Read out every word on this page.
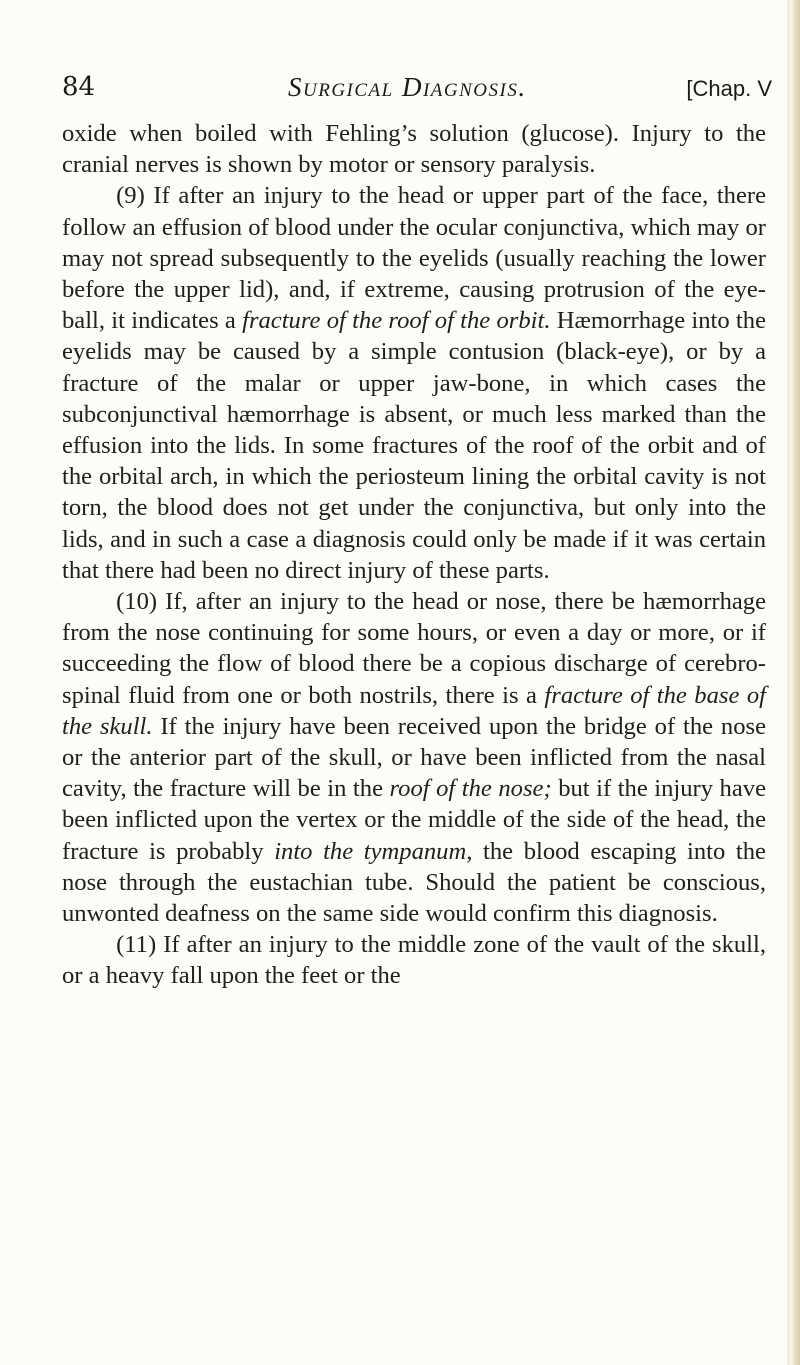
84	Surgical Diagnosis.	[Chap. V

oxide when boiled with Fehling’s solution (glucose). Injury to the cranial nerves is shown by motor or sensory paralysis.

(9) If after an injury to the head or upper part of the face, there follow an effusion of blood under the ocular conjunctiva, which may or may not spread subsequently to the eyelids (usually reaching the lower before the upper lid), and, if extreme, causing protrusion of the eye-ball, it indicates a fracture of the roof of the orbit. Hæmorrhage into the eyelids may be caused by a simple contusion (black-eye), or by a fracture of the malar or upper jaw-bone, in which cases the subconjunctival hæmorrhage is absent, or much less marked than the effusion into the lids. In some fractures of the roof of the orbit and of the orbital arch, in which the periosteum lining the orbital cavity is not torn, the blood does not get under the conjunctiva, but only into the lids, and in such a case a diagnosis could only be made if it was certain that there had been no direct injury of these parts.

(10) If, after an injury to the head or nose, there be hæmorrhage from the nose continuing for some hours, or even a day or more, or if succeeding the flow of blood there be a copious discharge of cerebro-spinal fluid from one or both nostrils, there is a fracture of the base of the skull. If the injury have been received upon the bridge of the nose or the anterior part of the skull, or have been inflicted from the nasal cavity, the fracture will be in the roof of the nose; but if the injury have been inflicted upon the vertex or the middle of the side of the head, the fracture is probably into the tympanum, the blood escaping into the nose through the eustachian tube. Should the patient be conscious, unwonted deafness on the same side would confirm this diagnosis.

(11) If after an injury to the middle zone of the vault of the skull, or a heavy fall upon the feet or the
